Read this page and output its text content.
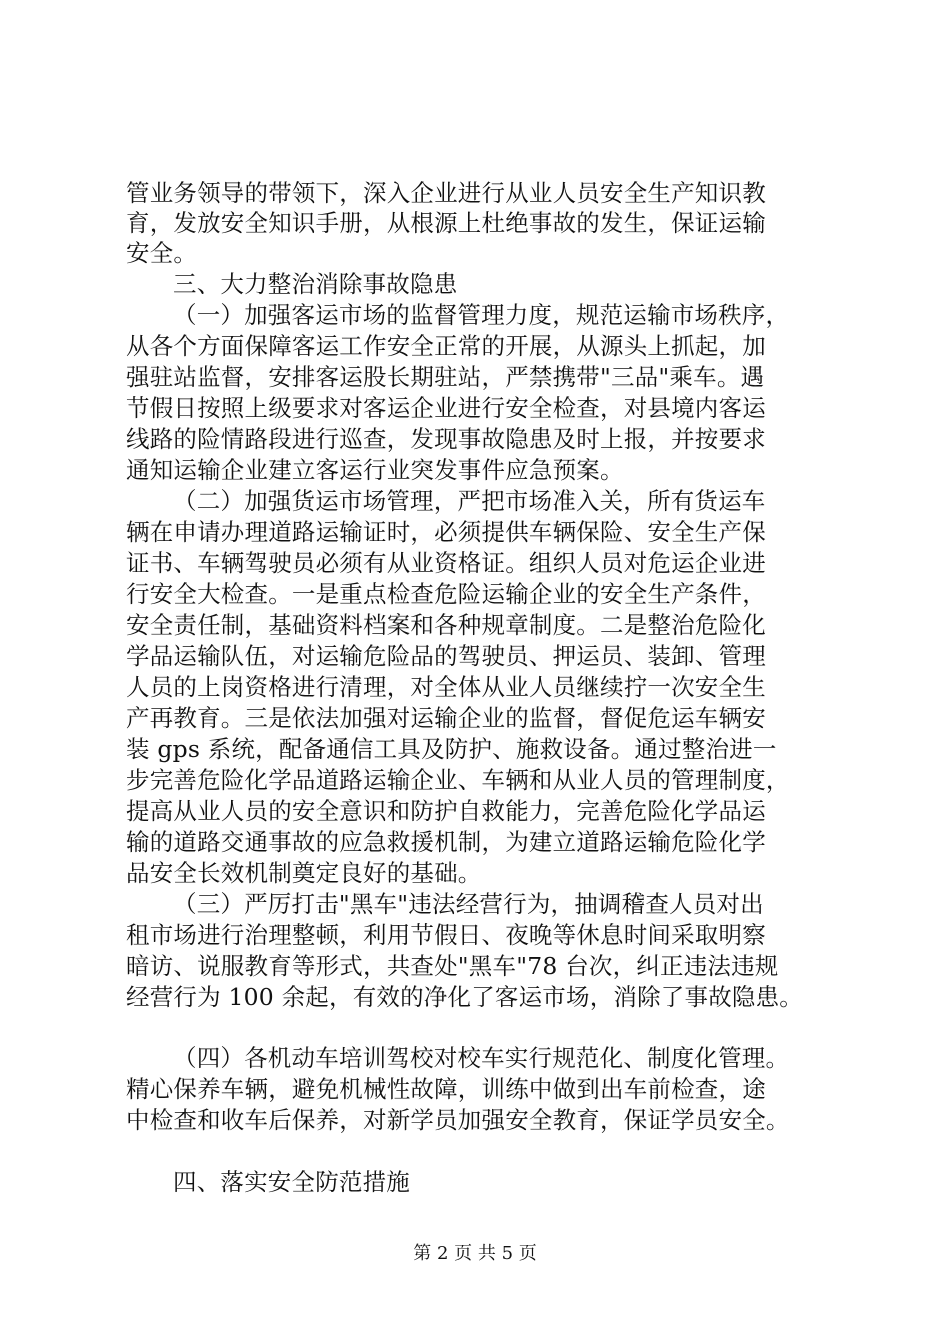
管业务领导的带领下，深入企业进行从业人员安全生产知识教
育，发放安全知识手册，从根源上杜绝事故的发生，保证运输
安全。
三、大力整治消除事故隐患
（一）加强客运市场的监督管理力度，规范运输市场秩序，
从各个方面保障客运工作安全正常的开展，从源头上抓起，加
强驻站监督，安排客运股长期驻站，严禁携带"三品"乘车。遇
节假日按照上级要求对客运企业进行安全检查，对县境内客运
线路的险情路段进行巡查，发现事故隐患及时上报，并按要求
通知运输企业建立客运行业突发事件应急预案。
（二）加强货运市场管理，严把市场准入关，所有货运车
辆在申请办理道路运输证时，必须提供车辆保险、安全生产保
证书、车辆驾驶员必须有从业资格证。组织人员对危运企业进
行安全大检查。一是重点检查危险运输企业的安全生产条件，
安全责任制，基础资料档案和各种规章制度。二是整治危险化
学品运输队伍，对运输危险品的驾驶员、押运员、装卸、管理
人员的上岗资格进行清理，对全体从业人员继续拧一次安全生
产再教育。三是依法加强对运输企业的监督，督促危运车辆安
装 gps 系统，配备通信工具及防护、施救设备。通过整治进一
步完善危险化学品道路运输企业、车辆和从业人员的管理制度，
提高从业人员的安全意识和防护自救能力，完善危险化学品运
输的道路交通事故的应急救援机制，为建立道路运输危险化学
品安全长效机制奠定良好的基础。
（三）严厉打击"黑车"违法经营行为，抽调稽查人员对出
租市场进行治理整顿，利用节假日、夜晚等休息时间采取明察
暗访、说服教育等形式，共查处"黑车"78 台次，纠正违法违规
经营行为 100 余起，有效的净化了客运市场，消除了事故隐患。
（四）各机动车培训驾校对校车实行规范化、制度化管理。
精心保养车辆，避免机械性故障，训练中做到出车前检查，途
中检查和收车后保养，对新学员加强安全教育，保证学员安全。
四、落实安全防范措施
第 2 页 共 5 页
